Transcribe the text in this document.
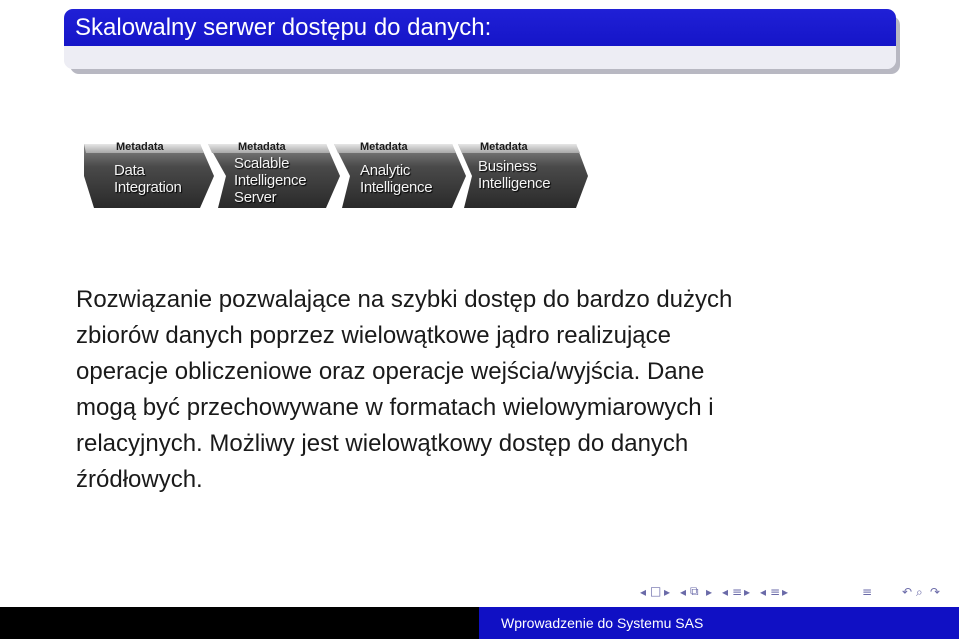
Skalowalny serwer dostępu do danych:
Metadata
Data
Integration
Metadata
Scalable
Intelligence
Server
Metadata
Analytic
Intelligence
Metadata
Business
Intelligence
Rozwiązanie pozwalające na szybki dostęp do bardzo dużych
zbiorów danych poprzez wielowątkowe jądro realizujące
operacje obliczeniowe oraz operacje wejścia/wyjścia. Dane
mogą być przechowywane w formatach wielowymiarowych i
relacyjnych. Możliwy jest wielowątkowy dostęp do danych
źródłowych.
◂ □ ▸ ◂ ⧉ ▸ ◂ ≡ ▸ ◂ ≡ ▸	≡ ↶ ⌕ ↷
Wprowadzenie do Systemu SAS
